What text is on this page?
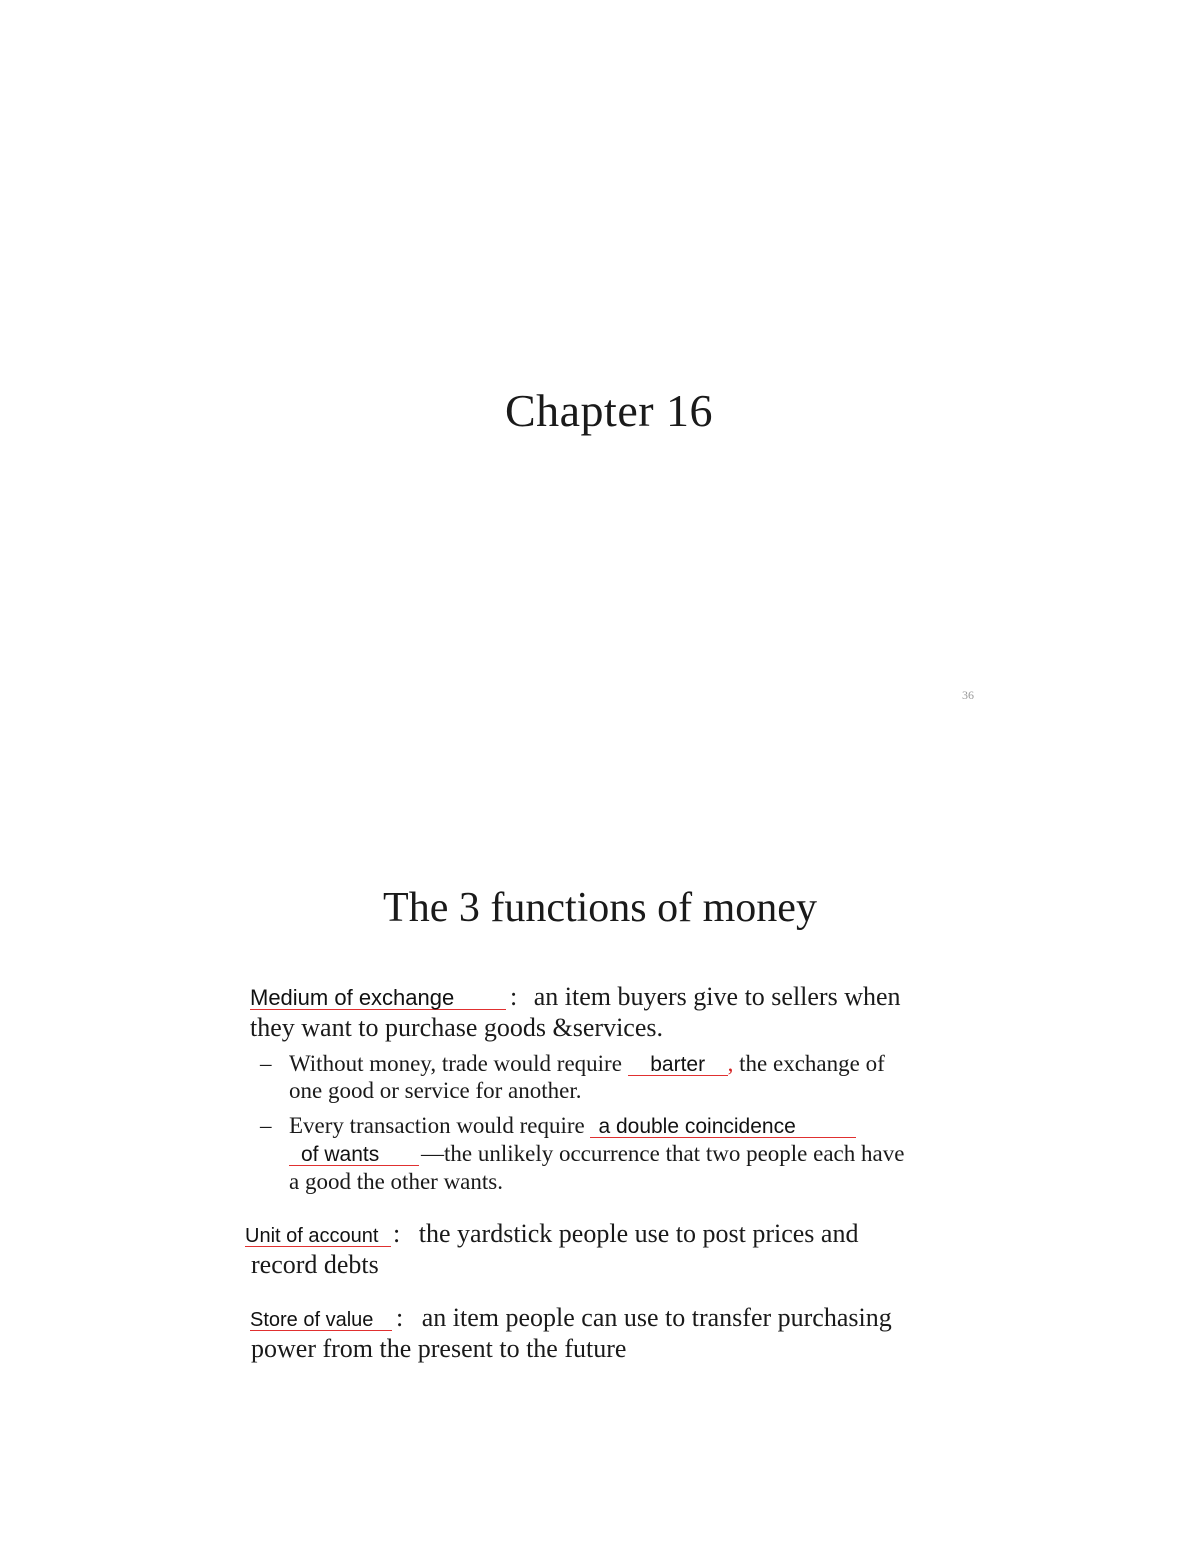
Chapter 16
36
The 3 functions of money
Medium of exchange : an item buyers give to sellers when
they want to purchase goods &services.
– Without money, trade would require barter , the exchange of
one good or service for another.
– Every transaction would require a double coincidence
of wants —the unlikely occurrence that two people each have
a good the other wants.
Unit of account : the yardstick people use to post prices and
record debts
Store of value : an item people can use to transfer purchasing
power from the present to the future
